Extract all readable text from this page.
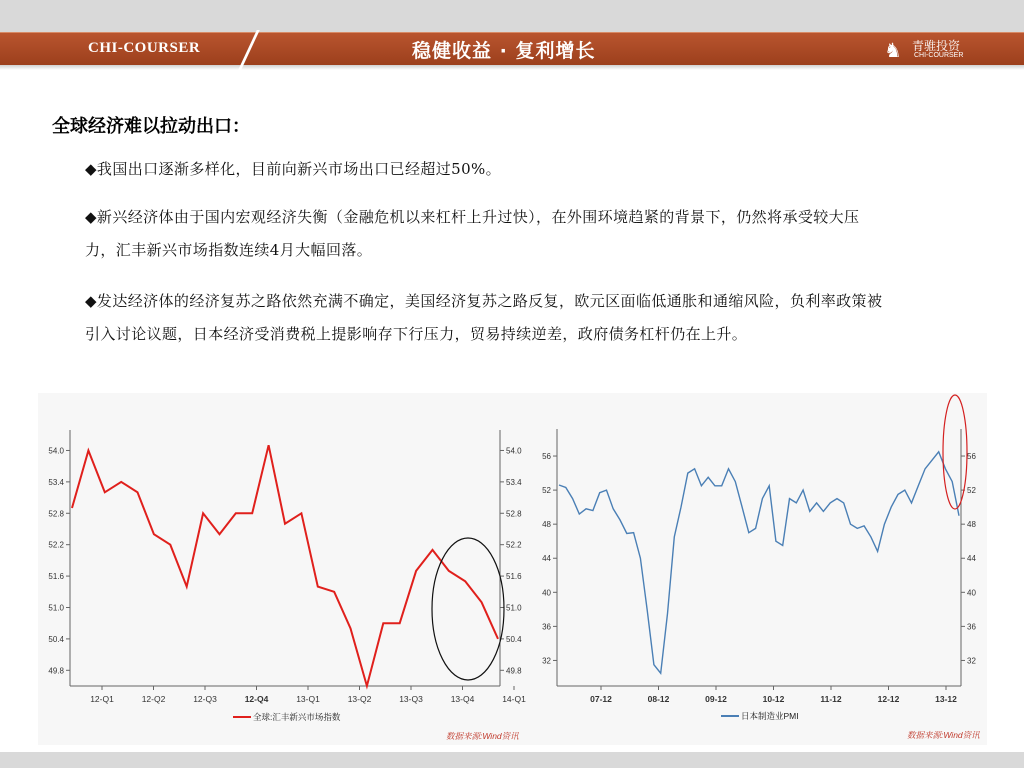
CHI-COURSER	稳健收益 · 复利增长	♞ 青骓投资
CHI-COURSER
全球经济难以拉动出口：
◆我国出口逐渐多样化，目前向新兴市场出口已经超过50%。
◆新兴经济体由于国内宏观经济失衡（金融危机以来杠杆上升过快），在外围环境趋紧的背景下，仍然将承受较大压力，汇丰新兴市场指数连续4月大幅回落。
◆发达经济体的经济复苏之路依然充满不确定，美国经济复苏之路反复，欧元区面临低通胀和通缩风险，负利率政策被引入讨论议题，日本经济受消费税上提影响存下行压力，贸易持续逆差，政府债务杠杆仍在上升。
54.0	54.0
53.4	53.4
52.8	52.8
52.2	52.2
51.6	51.6
51.0	51.0
50.4	50.4
49.8	49.8
12-Q1	12-Q2	12-Q3	12-Q4	13-Q1	13-Q2	13-Q3	13-Q4	14-Q1
全球:汇丰新兴市场指数
数据来源:Wind资讯
56	56
52	52
48	48
44	44
40	40
36	36
32	32
07-12	08-12	09-12	10-12	11-12	12-12	13-12
日本制造业PMI
数据来源:Wind资讯
